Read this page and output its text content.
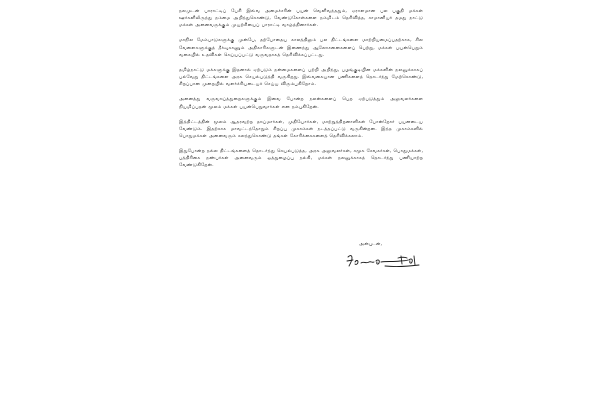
நலமுடன் பாராட்டிப் பேசி இவ்வ அமைச்சரின் பயன் வெளிவந்ததும், ஏராளமான பல பகுதி மக்கள் ஊர்களிலிருந்து நம்மை அறிந்துகொண்டு, வேண்டுகோள்களை நம்மிடம் தெரிவித்த, சாமானியர் தமது நாட்டு மக்கள் அனைவருக்கும் முயற்சியைப் பாராட்டி வாழ்த்தினார்கள்.

மாநில மேம்பாடுகளுக்கு முன்பே, தற்போதைய காலத்திலும் பல திட்டங்களை மாற்றியமைப்பதற்காக, சில வேளைகளுக்குத் தீர்வுகாணும் அதிகாரிகளுடன் இணைந்து ஆலோசனைகளைப் பெற்று, மக்கள் பயன்பெறும் வகையில் உதவிகள் செய்யப்பட்டு வருவதாகத் தெரிவிக்கப்பட்டது.

தமிழ்நாட்டு மக்களுக்கு இதனால் ஏற்படும் நன்மைகளைப் பற்றி அறிந்து, பழங்குடியின மக்களின் நலனுக்காகப் பல்வேறு திட்டங்களை அரசு செயல்படுத்தி வருகிறது. இவ்வகையான பணிகளைத் தொடர்ந்து மேற்கொண்டு, சிறப்பான முறையில் வளர்ச்சியடையச் செய்ய விரும்புகிறோம்.

அனைத்து வருவாய்த்துறைகளுக்கும் இவை போன்ற நலன்களைப் பெற ஏற்படுத்தும் அலுவலர்களை நியமிப்பதன் மூலம் மக்கள் பயன்பெறுவார்கள் என நம்புகிறேன்.

இத்திட்டத்தின் மூலம் ஆதரவற்ற தாய்மார்கள், முதியோர்கள், மாற்றுத்திறனாளிகள் போன்றோர் பயனடைய வேண்டும். இதற்காக மாவட்டந்தோறும் சிறப்பு முகாம்கள் நடத்தப்பட்டு வருகின்றன. இந்த முகாம்களில் பொதுமக்கள் அனைவரும் கலந்துகொண்டு தங்கள் கோரிக்கைகளைத் தெரிவிக்கலாம்.

இதுபோன்ற நல்ல திட்டங்களைத் தொடர்ந்து செயல்படுத்த, அரசு அலுவலர்கள், சமூக சேவகர்கள், பொதுமக்கள், பத்திரிகை நண்பர்கள் அனைவரும் ஒத்துழைப்பு நல்கி, மக்கள் நலனுக்காகத் தொடர்ந்து பணியாற்ற வேண்டுகிறேன்.

அன்புடன்,
